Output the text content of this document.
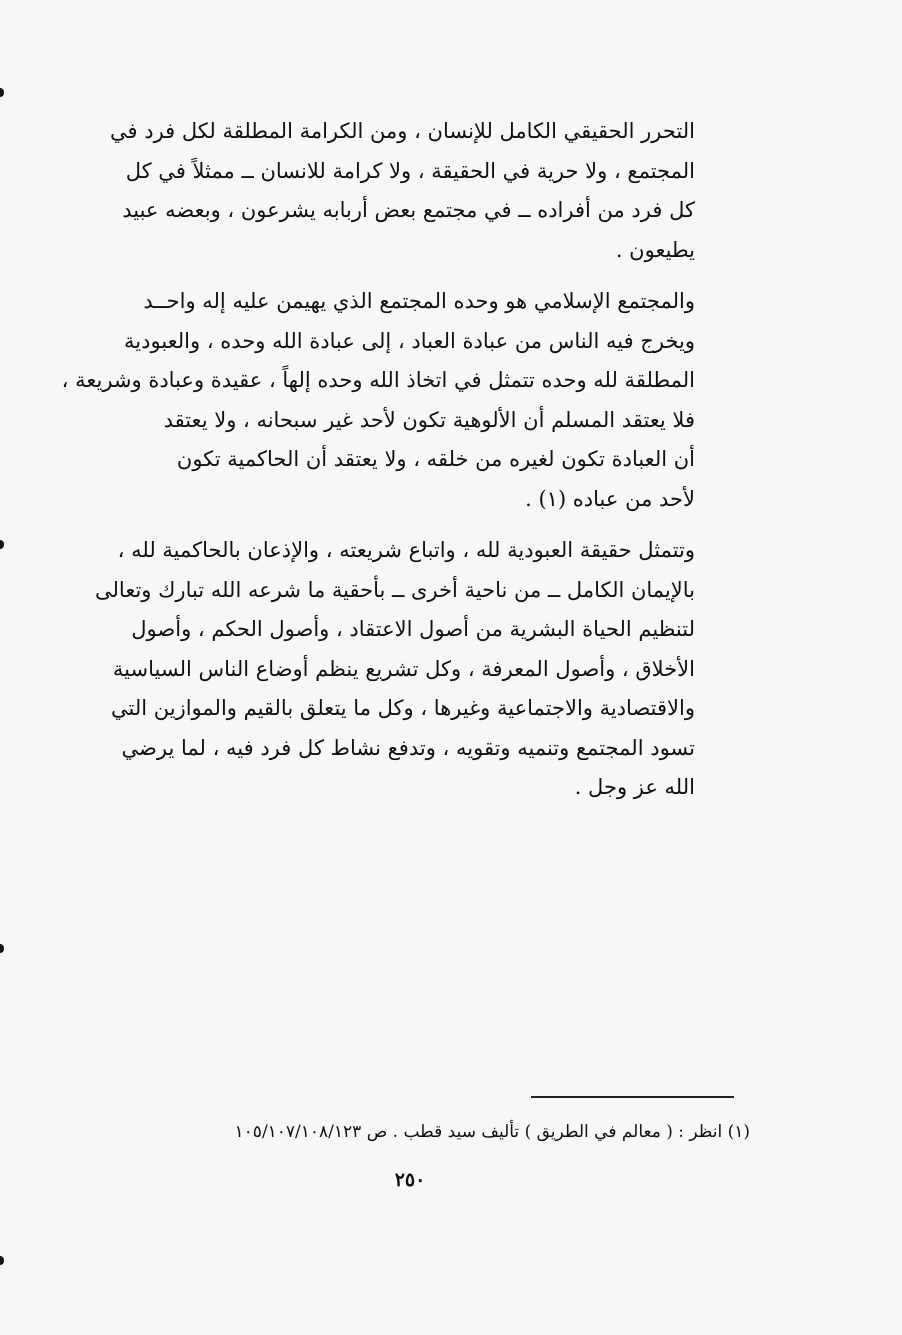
التحرر الحقيقي الكامل للإنسان ، ومن الكرامة المطلقة لكل فرد في
المجتمع ، ولا حرية في الحقيقة ، ولا كرامة للانسان ــ ممثلاً في كل
كل فرد من أفراده ــ في مجتمع بعض أربابه يشرعون ، وبعضه عبيد
يطيعون .

والمجتمع الإسلامي هو وحده المجتمع الذي يهيمن عليه إله واحــد
ويخرج فيه الناس من عبادة العباد ، إلى عبادة الله وحده ، والعبودية
المطلقة لله وحده تتمثل في اتخاذ الله وحده إلهاً ، عقيدة وعبادة وشريعة ،
فلا يعتقد المسلم أن الألوهية تكون لأحد غير سبحانه ، ولا يعتقد
أن العبادة تكون لغيره من خلقه ، ولا يعتقد أن الحاكمية تكون
لأحد من عباده (١) .

وتتمثل حقيقة العبودية لله ، واتباع شريعته ، والإذعان بالحاكمية لله ،
بالإيمان الكامل ــ من ناحية أخرى ــ بأحقية ما شرعه الله تبارك وتعالى
لتنظيم الحياة البشرية من أصول الاعتقاد ، وأصول الحكم ، وأصول
الأخلاق ، وأصول المعرفة ، وكل تشريع ينظم أوضاع الناس السياسية
والاقتصادية والاجتماعية وغيرها ، وكل ما يتعلق بالقيم والموازين التي
تسود المجتمع وتنميه وتقويه ، وتدفع نشاط كل فرد فيه ، لما يرضي
الله عز وجل .

(١) انظر : ( معالم في الطريق ) تأليف سيد قطب . ص ١٠٥/١٠٧/١٠٨/١٢٣
٢٥٠
